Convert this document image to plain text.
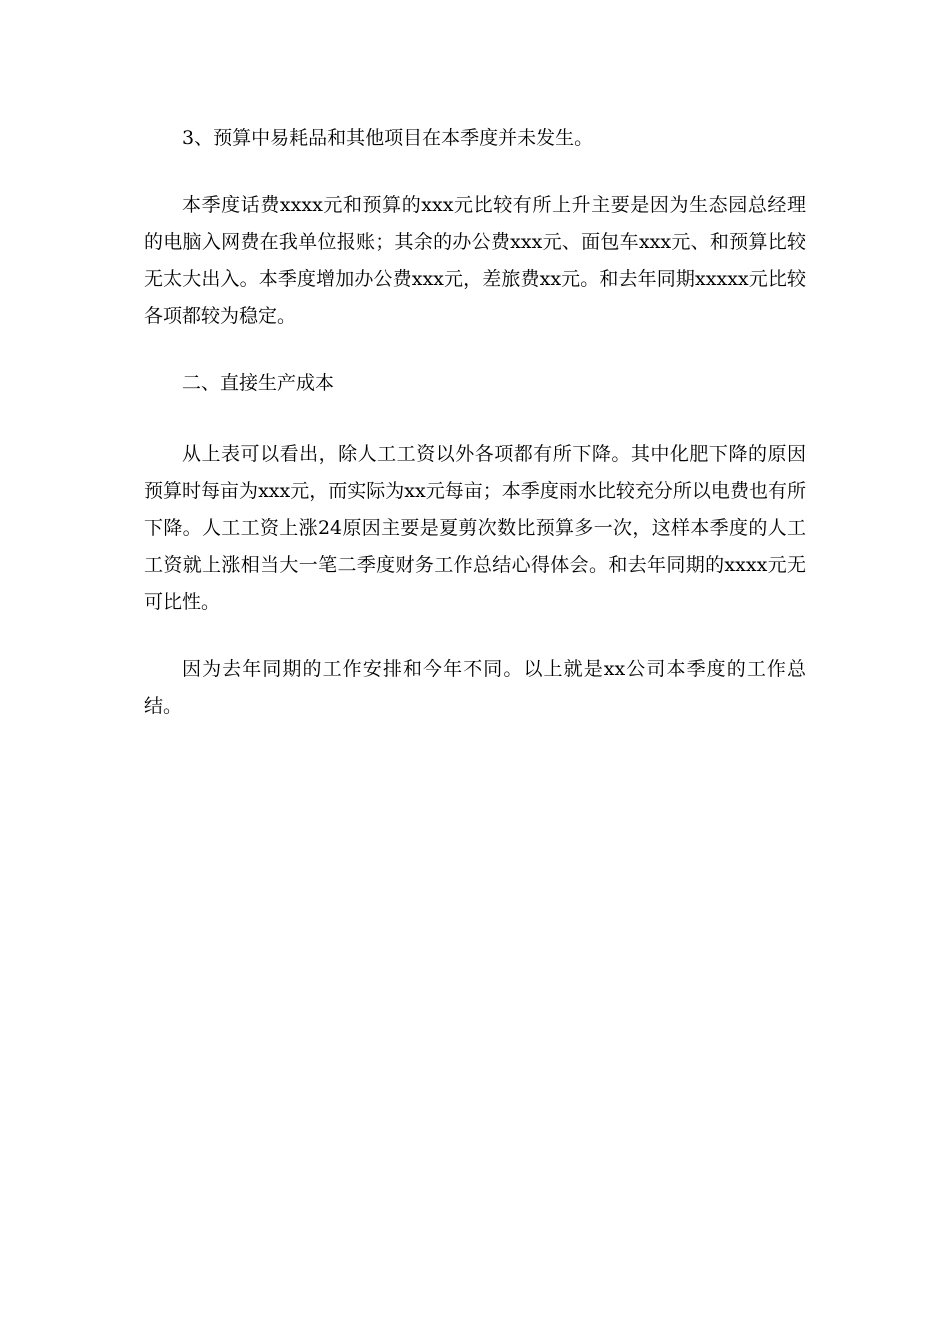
3、预算中易耗品和其他项目在本季度并未发生。

本季度话费xxxx元和预算的xxx元比较有所上升主要是因为生态园总经理的电脑入网费在我单位报账；其余的办公费xxx元、面包车xxx元、和预算比较无太大出入。本季度增加办公费xxx元，差旅费xx元。和去年同期xxxxx元比较各项都较为稳定。

二、直接生产成本

从上表可以看出，除人工工资以外各项都有所下降。其中化肥下降的原因预算时每亩为xxx元，而实际为xx元每亩；本季度雨水比较充分所以电费也有所下降。人工工资上涨24原因主要是夏剪次数比预算多一次，这样本季度的人工工资就上涨相当大一笔二季度财务工作总结心得体会。和去年同期的xxxx元无可比性。

因为去年同期的工作安排和今年不同。以上就是xx公司本季度的工作总结。
